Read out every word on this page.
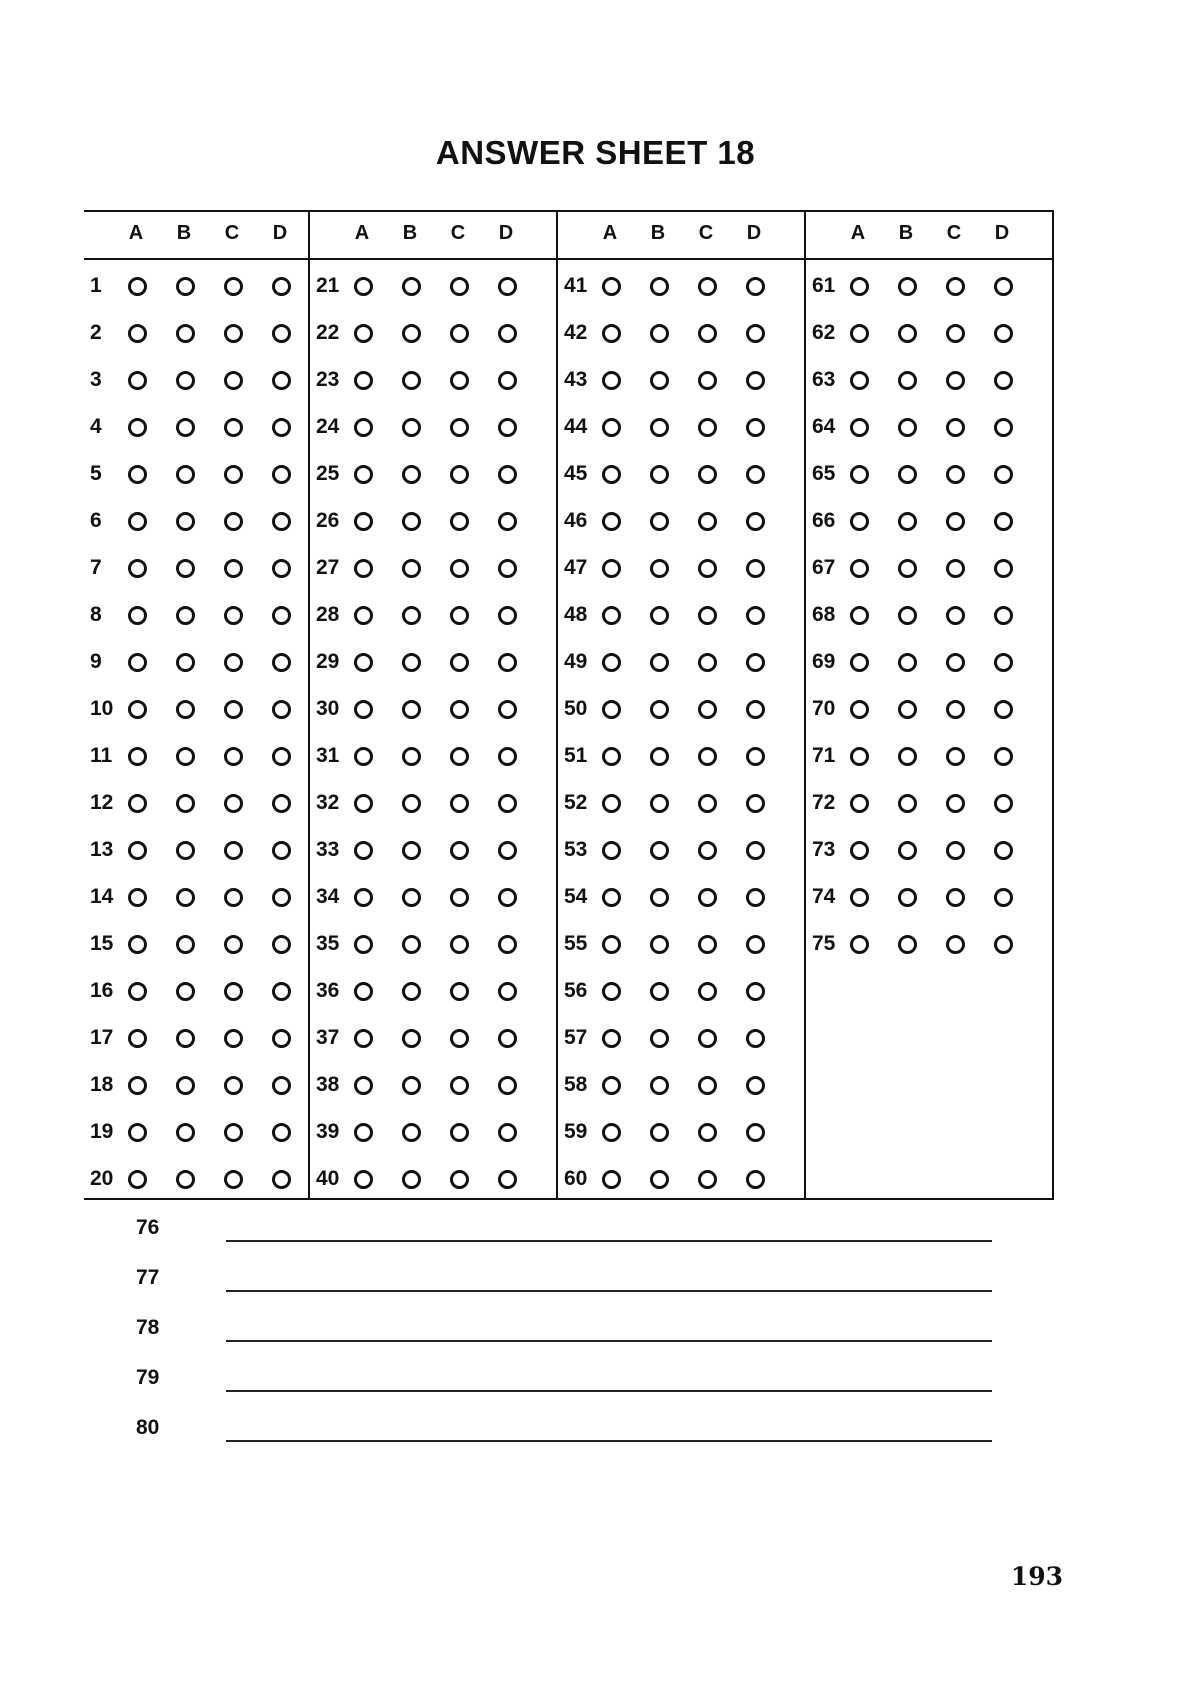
ANSWER SHEET 18
A	B	C	D
1
2
3
4
5
6
7
8
9
10
11
12
13
14
15
16
17
18
19
20
A	B	C	D
21
22
23
24
25
26
27
28
29
30
31
32
33
34
35
36
37
38
39
40
A	B	C	D
41
42
43
44
45
46
47
48
49
50
51
52
53
54
55
56
57
58
59
60
A	B	C	D
61
62
63
64
65
66
67
68
69
70
71
72
73
74
75
76
77
78
79
80
193
